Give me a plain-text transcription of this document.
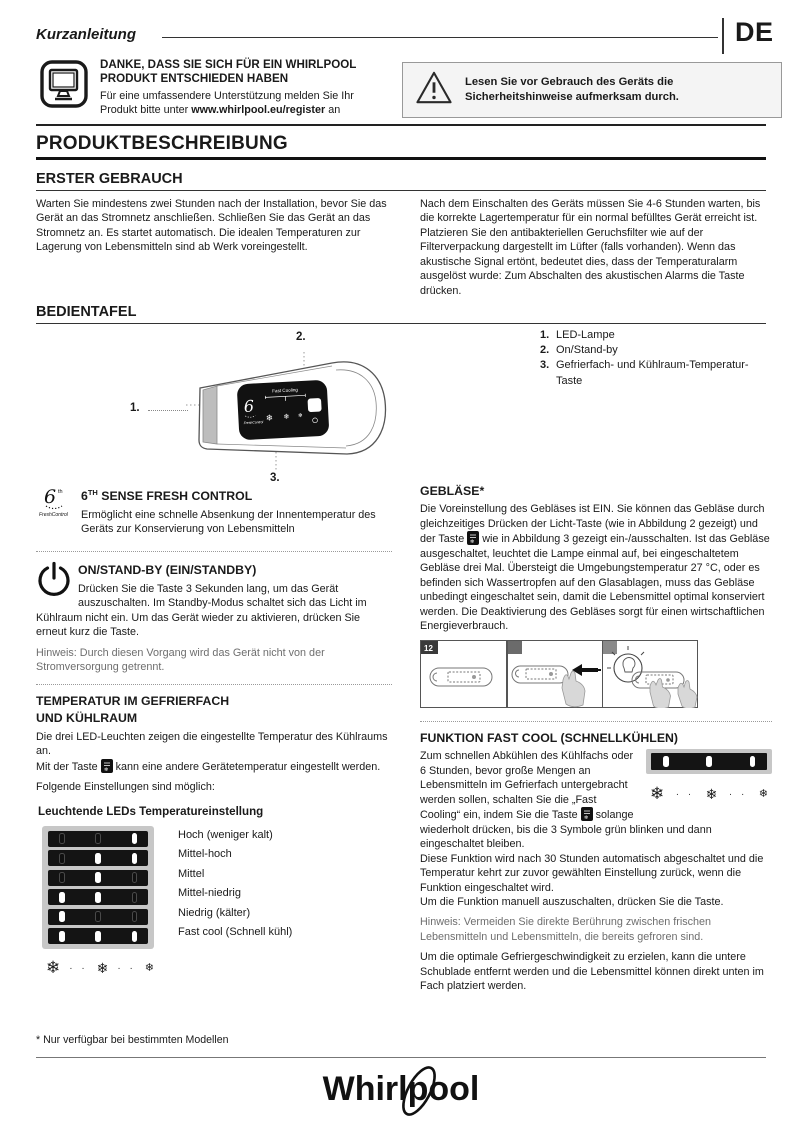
Kurzanleitung	DE
DANKE, DASS SIE SICH FÜR EIN WHIRLPOOL
PRODUKT ENTSCHIEDEN HABEN
Für eine umfassendere Unterstützung melden Sie Ihr Produkt bitte unter www.whirlpool.eu/register an
Lesen Sie vor Gebrauch des Geräts die Sicherheitshinweise aufmerksam durch.
PRODUKTBESCHREIBUNG
ERSTER GEBRAUCH
Warten Sie mindestens zwei Stunden nach der Installation, bevor Sie das Gerät an das Stromnetz anschließen. Schließen Sie das Gerät an das Stromnetz an. Es startet automatisch. Die idealen Temperaturen zur Lagerung von Lebensmitteln sind ab Werk voreingestellt.
Nach dem Einschalten des Geräts müssen Sie 4-6 Stunden warten, bis die korrekte Lagertemperatur für ein normal befülltes Gerät erreicht ist. Platzieren Sie den antibakteriellen Geruchsfilter wie auf der Filterverpackung dargestellt im Lüfter (falls vorhanden). Wenn das akustische Signal ertönt, bedeutet dies, dass der Temperaturalarm ausgelöst wurde: Zum Abschalten des akustischen Alarms die Taste drücken.
BEDIENTAFEL
2.
1.
3.
Fast Cooling
6
FreshControl ❄ ❄ ❄
1. LED-Lampe
2. On/Stand-by
3. Gefrierfach- und Kühlraum-Temperatur-Taste
6 th
FreshControl
6TH SENSE FRESH CONTROL

Ermöglicht eine schnelle Absenkung der Innentemperatur des Geräts zur Konservierung von Lebensmitteln

ON/STAND-BY (EIN/STANDBY)

Drücken Sie die Taste 3 Sekunden lang, um das Gerät auszuschalten. Im Standby-Modus schaltet sich das Licht im Kühlraum nicht ein. Um das Gerät wieder zu aktivieren, drücken Sie erneut kurz die Taste.

Hinweis: Durch diesen Vorgang wird das Gerät nicht von der Stromversorgung getrennt.

TEMPERATUR IM GEFRIERFACH
UND KÜHLRAUM

Die drei LED-Leuchten zeigen die eingestellte Temperatur des Kühlraums an.

Mit der Taste ❄ kann eine andere Gerätetemperatur eingestellt werden.

Folgende Einstellungen sind möglich:

Leuchtende LEDs Temperatureinstellung
Hoch (weniger kalt)
Mittel-hoch
Mittel
Mittel-niedrig
Niedrig (kälter)
Fast cool (Schnell kühl)
❄ · · ❄ · · ❄
GEBLÄSE*

Die Voreinstellung des Gebläses ist EIN. Sie können das Gebläse durch gleichzeitiges Drücken der Licht-Taste (wie in Abbildung 2 gezeigt) und der Taste ❄ wie in Abbildung 3 gezeigt ein-/ausschalten. Ist das Gebläse ausgeschaltet, leuchtet die Lampe einmal auf, bei eingeschaltetem Gebläse drei Mal. Übersteigt die Umgebungstemperatur 27 °C, oder es befinden sich Wassertropfen auf den Glasablagen, muss das Gebläse unbedingt eingeschaltet sein, damit die Lebensmittel optimal konserviert werden. Die Deaktivierung des Gebläses sorgt für einen wirtschaftlichen Energieverbrauch.

12
FUNKTION FAST COOL (SCHNELLKÜHLEN)
❄ · · ❄ · · ❄

Zum schnellen Abkühlen des Kühlfachs oder 6 Stunden, bevor große Mengen an Lebensmitteln im Gefrierfach untergebracht werden sollen, schalten Sie die „Fast Cooling“ ein, indem Sie die Taste ❄ solange wiederholt drücken, bis die 3 Symbole grün blinken und dann eingeschaltet bleiben.

Diese Funktion wird nach 30 Stunden automatisch abgeschaltet und die Temperatur kehrt zur zuvor gewählten Einstellung zurück, wenn die Funktion eingeschaltet wird.

Um die Funktion manuell auszuschalten, drücken Sie die Taste.

Hinweis: Vermeiden Sie direkte Berührung zwischen frischen Lebensmitteln und Lebensmitteln, die bereits gefroren sind.

Um die optimale Gefriergeschwindigkeit zu erzielen, kann die untere Schublade entfernt werden und die Lebensmittel können direkt unten im Fach platziert werden.

* Nur verfügbar bei bestimmten Modellen
Whirlpool
